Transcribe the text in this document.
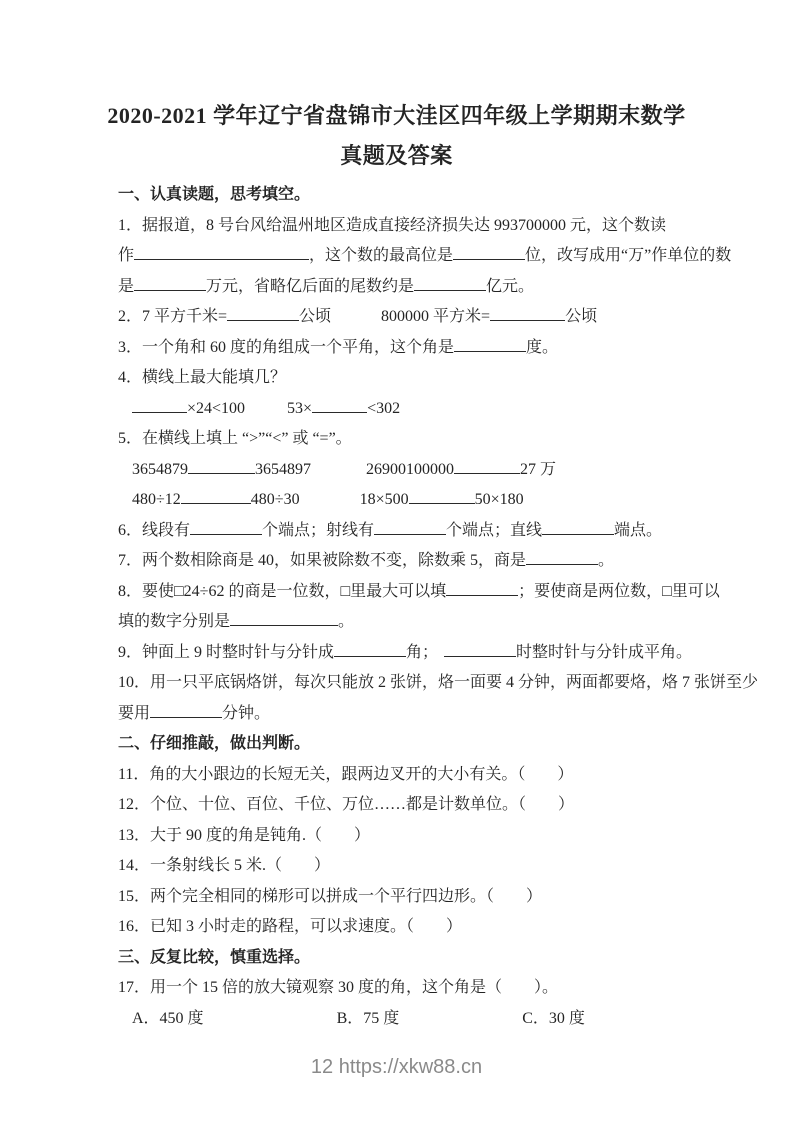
2020-2021 学年辽宁省盘锦市大洼区四年级上学期期末数学
真题及答案
一、认真读题，思考填空。
1．据报道，8 号台风给温州地区造成直接经济损失达 993700000 元，这个数读
作	，这个数的最高位是	位，改写成用“万”作单位的数
是	万元，省略亿后面的尾数约是	亿元。
2．7 平方千米=	公顷	800000 平方米=	公顷
3．一个角和 60 度的角组成一个平角，这个角是	度。
4．横线上最大能填几？
×24<100	53×	<302
5．在横线上填上 “>”“<” 或 “=”。
3654879	3654897	26900100000	27 万
480÷12	480÷30	18×500	50×180
6．线段有	个端点；射线有	个端点；直线	端点。
7．两个数相除商是 40，如果被除数不变，除数乘 5，商是	。
8．要使□24÷62 的商是一位数，□里最大可以填	；要使商是两位数，□里可以
填的数字分别是	。
9．钟面上 9 时整时针与分针成	角；	时整时针与分针成平角。
10．用一只平底锅烙饼，每次只能放 2 张饼，烙一面要 4 分钟，两面都要烙，烙 7 张饼至少
要用	分钟。
二、仔细推敲，做出判断。
11．角的大小跟边的长短无关，跟两边叉开的大小有关。（　　）
12．个位、十位、百位、千位、万位……都是计数单位。（　　）
13．大于 90 度的角是钝角.（　　）
14．一条射线长 5 米.（　　）
15．两个完全相同的梯形可以拼成一个平行四边形。（　　）
16．已知 3 小时走的路程，可以求速度。（　　）
三、反复比较，慎重选择。
17．用一个 15 倍的放大镜观察 30 度的角，这个角是（　　）。
A．450 度	B．75 度	C．30 度
12 https://xkw88.cn
